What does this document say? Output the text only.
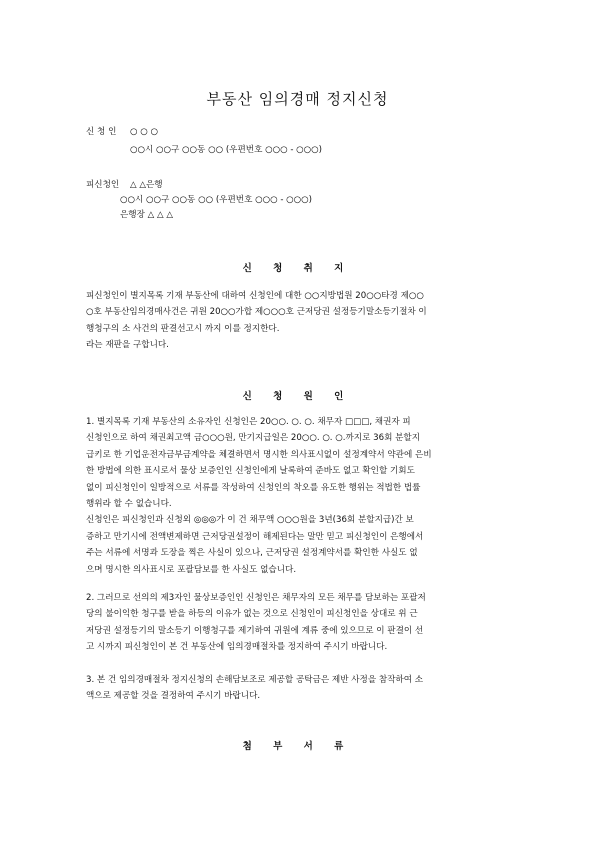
부동산 임의경매 정지신청
신 청 인 ○ ○ ○
○○시 ○○구 ○○동 ○○ (우편번호 ○○○ - ○○○)
피신청인 △ △은행
○○시 ○○구 ○○동 ○○ (우편번호 ○○○ - ○○○)
은행장 △ △ △
신 청 취 지
피신청인이 별지목록 기재 부동산에 대하여 신청인에 대한 ○○지방법원 20○○타경 제○○
○호 부동산임의경매사건은 귀원 20○○가합 제○○○호 근저당권 설정등기말소등기절차 이
행청구의 소 사건의 판결선고시 까지 이를 정지한다.
라는 재판을 구합니다.
신 청 원 인
1. 별지목록 기재 부동산의 소유자인 신청인은 20○○. ○. ○. 채무자 □□□, 채권자 피
신청인으로 하여 채권최고액 금○○○원, 만기지급일은 20○○. ○. ○.까지로 36회 분할지
급키로 한 기업운전자금부금계약을 체결하면서 명시한 의사표시없이 설정계약서 약관에 은비
한 방법에 의한 표시로서 물상 보증인인 신청인에게 날록하여 준바도 없고 확인할 기회도
없이 피신청인이 일방적으로 서류를 작성하여 신청인의 착오를 유도한 행위는 적법한 법률
행위라 할 수 없습니다.
신청인은 피신청인과 신청외 ◎◎◎가 이 건 채무액 ○○○원을 3년(36회 분할지급)간 보
증하고 만기시에 전액변제하면 근저당권설정이 해제된다는 말만 믿고 피신청인이 은행에서
주는 서류에 서명과 도장을 찍은 사실이 있으나, 근저당권 설정계약서를 확인한 사실도 없
으며 명시한 의사표시로 포괄담보를 한 사실도 없습니다.
2. 그러므로 선의의 제3자인 물상보증인인 신청인은 채무자의 모든 채무를 담보하는 포괄저
당의 불이익한 청구를 받을 하등의 이유가 없는 것으로 신청인이 피신청인을 상대로 위 근
저당권 설정등기의 말소등기 이행청구를 제기하여 귀원에 계류 중에 있으므로 이 판결이 선
고 시까지 피신청인이 본 건 부동산에 임의경매절차를 정지하여 주시기 바랍니다.
3. 본 건 임의경매절차 정지신청의 손해담보조로 제공할 공탁금은 제반 사정을 참작하여 소
액으로 제공할 것을 결정하여 주시기 바랍니다.
첨 부 서 류
